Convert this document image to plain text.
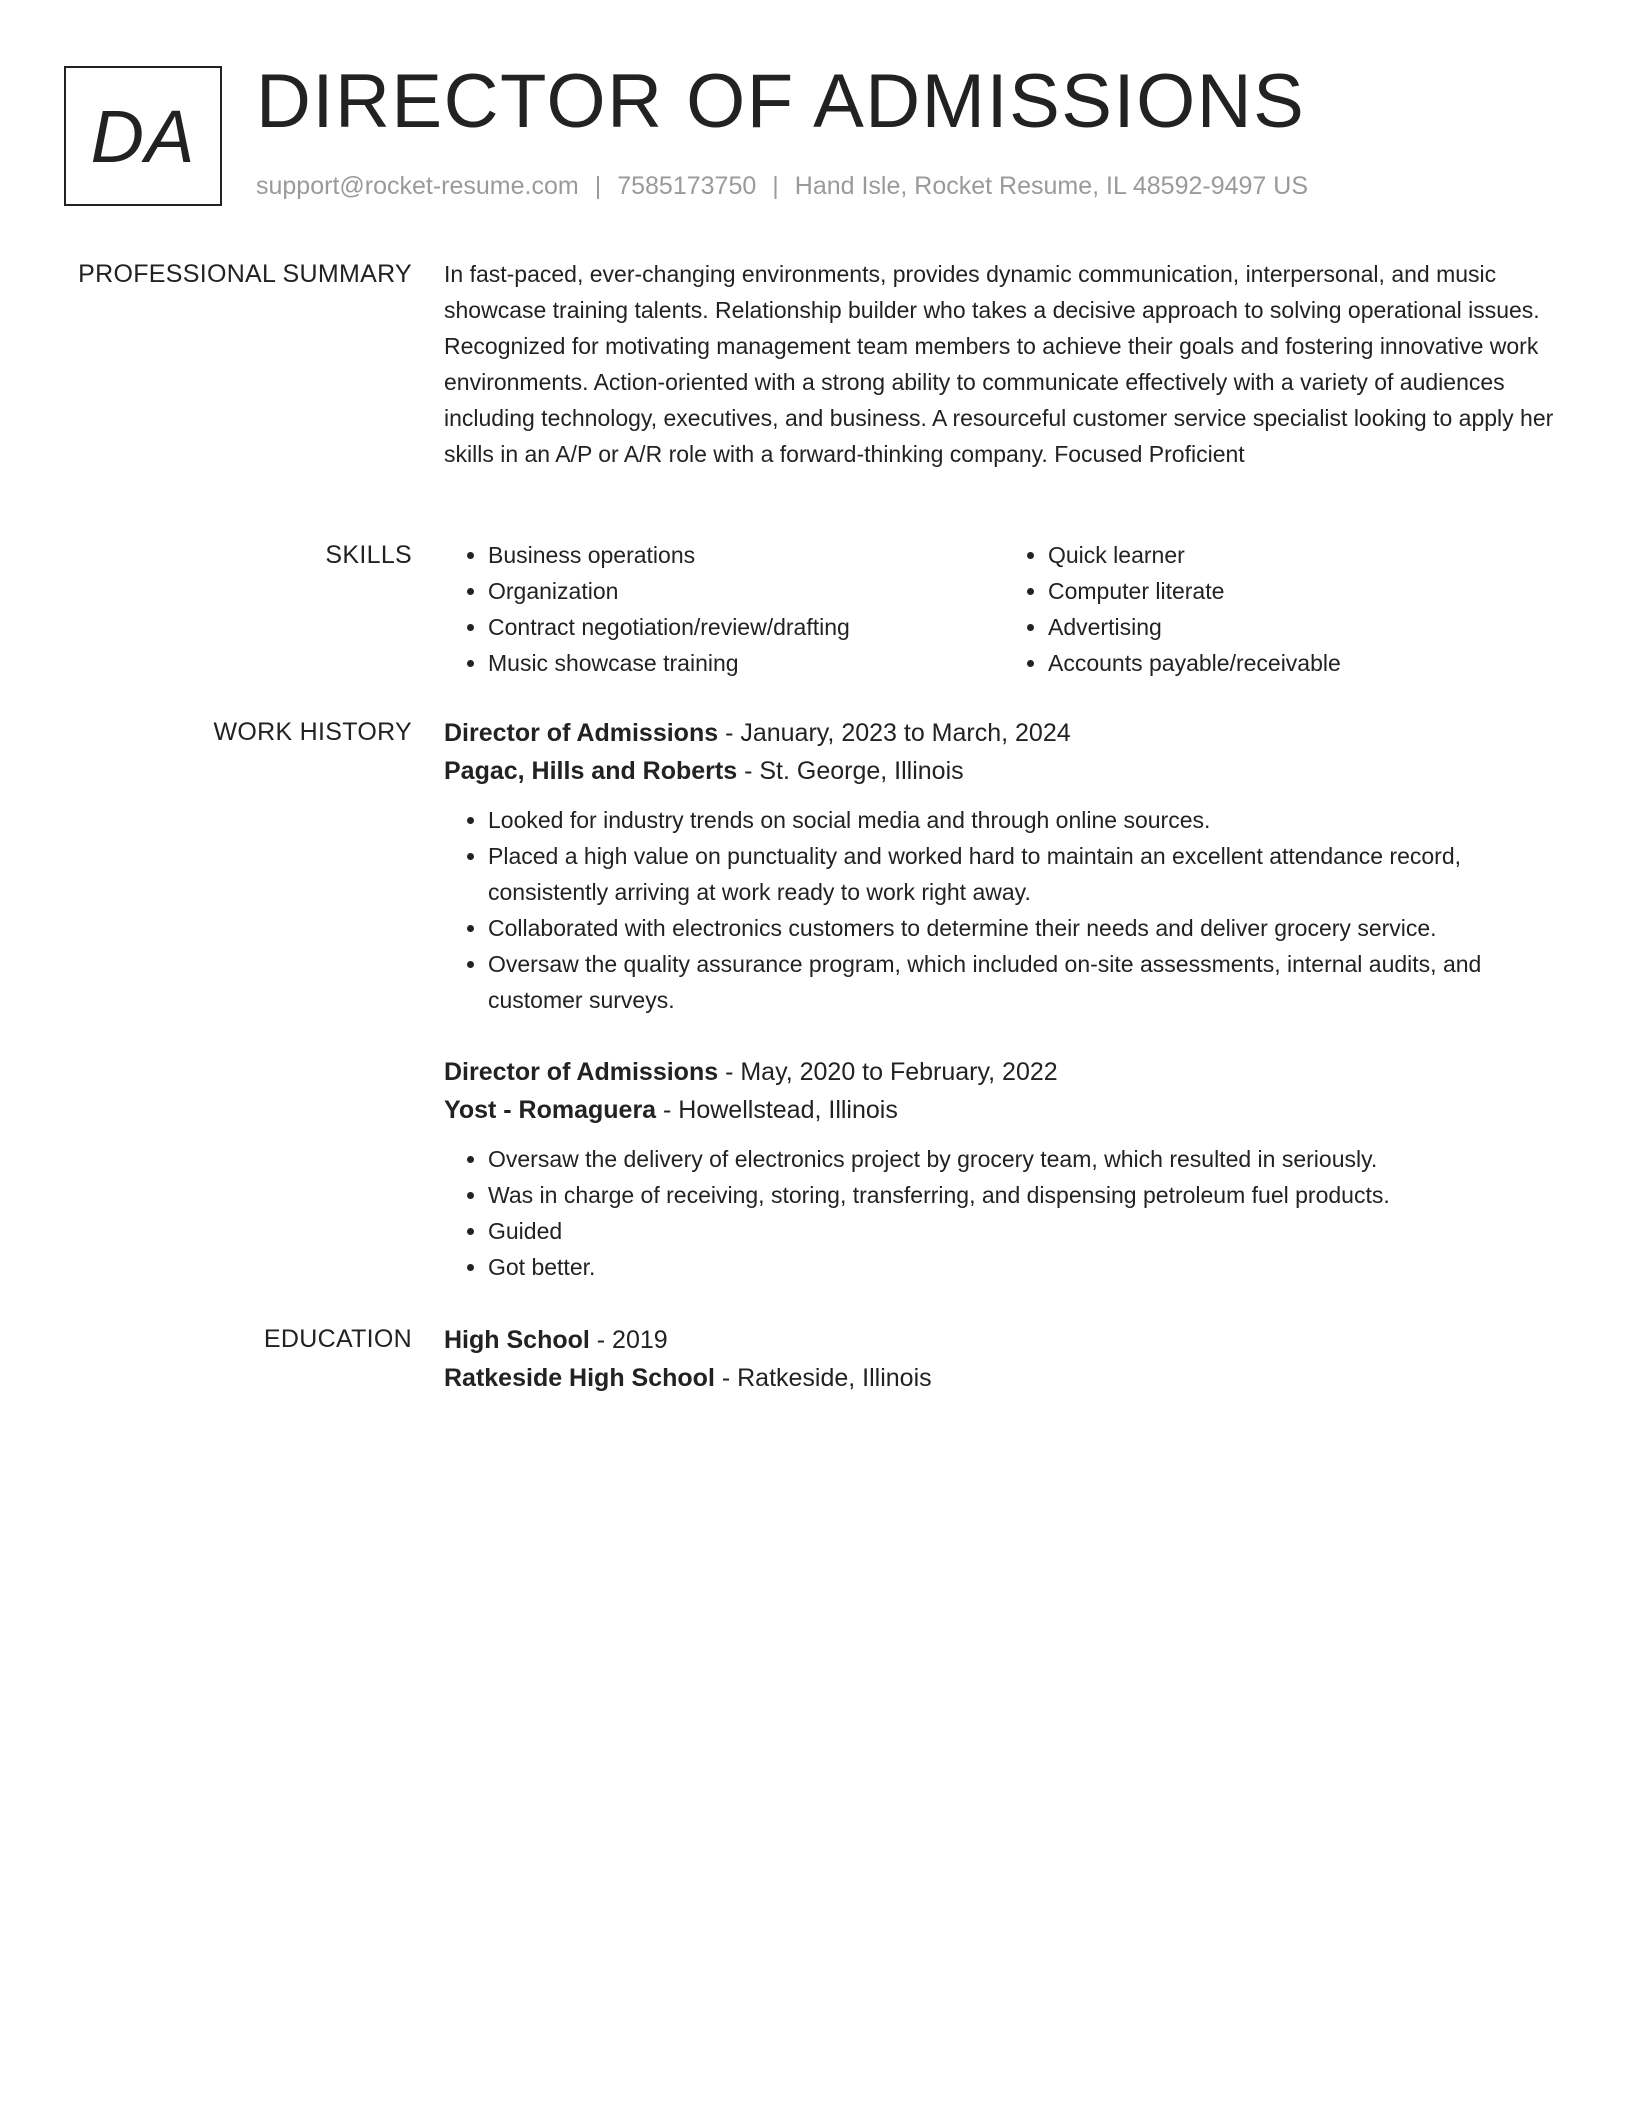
DA DIRECTOR OF ADMISSIONS
support@rocket-resume.com | 7585173750 | Hand Isle, Rocket Resume, IL 48592-9497 US
PROFESSIONAL SUMMARY In fast-paced, ever-changing environments, provides dynamic communication, interpersonal, and music showcase training talents. Relationship builder who takes a decisive approach to solving operational issues. Recognized for motivating management team members to achieve their goals and fostering innovative work environments. Action-oriented with a strong ability to communicate effectively with a variety of audiences including technology, executives, and business. A resourceful customer service specialist looking to apply her skills in an A/P or A/R role with a forward-thinking company. Focused Proficient

SKILLS
•	Business operations
• Organization
• Contract negotiation/review/drafting
• Music showcase training
• Quick learner
• Computer literate
• Advertising
• Accounts payable/receivable
WORK HISTORY Director of Admissions - January, 2023 to March, 2024
Pagac, Hills and Roberts - St. George, Illinois
• Looked for industry trends on social media and through online sources.
• Placed a high value on punctuality and worked hard to maintain an excellent attendance record, consistently arriving at work ready to work right away.
• Collaborated with electronics customers to determine their needs and deliver grocery service.
• Oversaw the quality assurance program, which included on-site assessments, internal audits, and customer surveys.
Director of Admissions - May, 2020 to February, 2022
Yost - Romaguera - Howellstead, Illinois
• Oversaw the delivery of electronics project by grocery team, which resulted in seriously.
• Was in charge of receiving, storing, transferring, and dispensing petroleum fuel products.
• Guided
• Got better.
EDUCATION High School - 2019
Ratkeside High School - Ratkeside, Illinois
